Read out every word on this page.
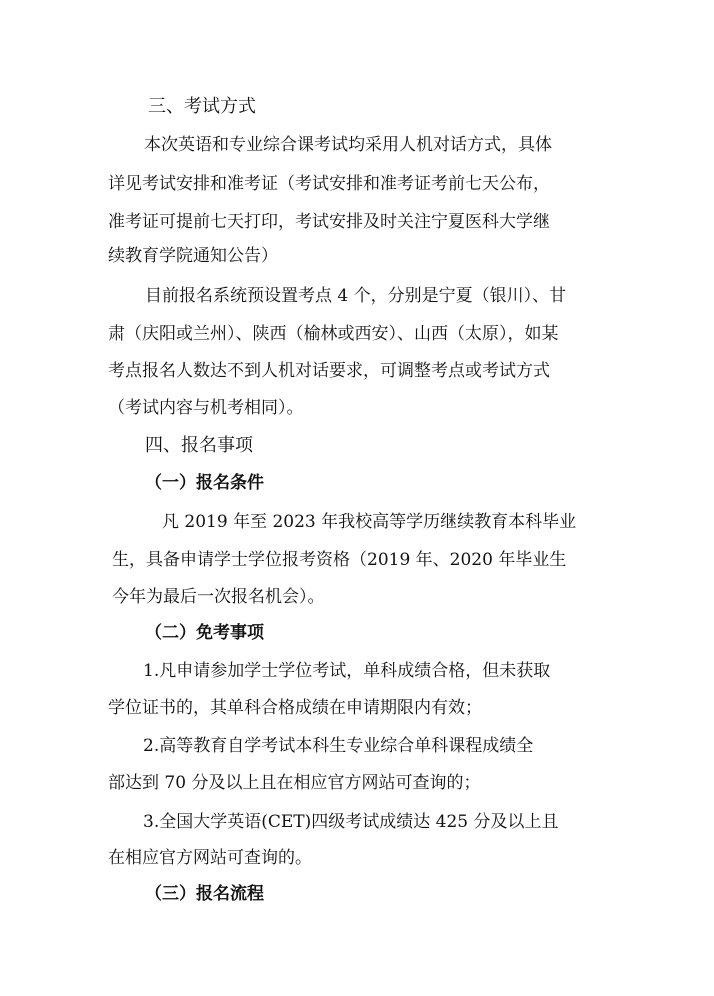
三、考试方式
本次英语和专业综合课考试均采用人机对话方式，具体
详见考试安排和准考证（考试安排和准考证考前七天公布，
准考证可提前七天打印，考试安排及时关注宁夏医科大学继
续教育学院通知公告）
目前报名系统预设置考点 4 个，分别是宁夏（银川）、甘
肃（庆阳或兰州）、陕西（榆林或西安）、山西（太原），如某
考点报名人数达不到人机对话要求，可调整考点或考试方式
（考试内容与机考相同）。
四、报名事项
（一）报名条件
凡 2019 年至 2023 年我校高等学历继续教育本科毕业
生，具备申请学士学位报考资格（2019 年、2020 年毕业生
今年为最后一次报名机会）。
（二）免考事项
1.凡申请参加学士学位考试，单科成绩合格，但未获取
学位证书的，其单科合格成绩在申请期限内有效；
2.高等教育自学考试本科生专业综合单科课程成绩全
部达到 70 分及以上且在相应官方网站可查询的；
3.全国大学英语(CET)四级考试成绩达 425 分及以上且
在相应官方网站可查询的。
（三）报名流程
